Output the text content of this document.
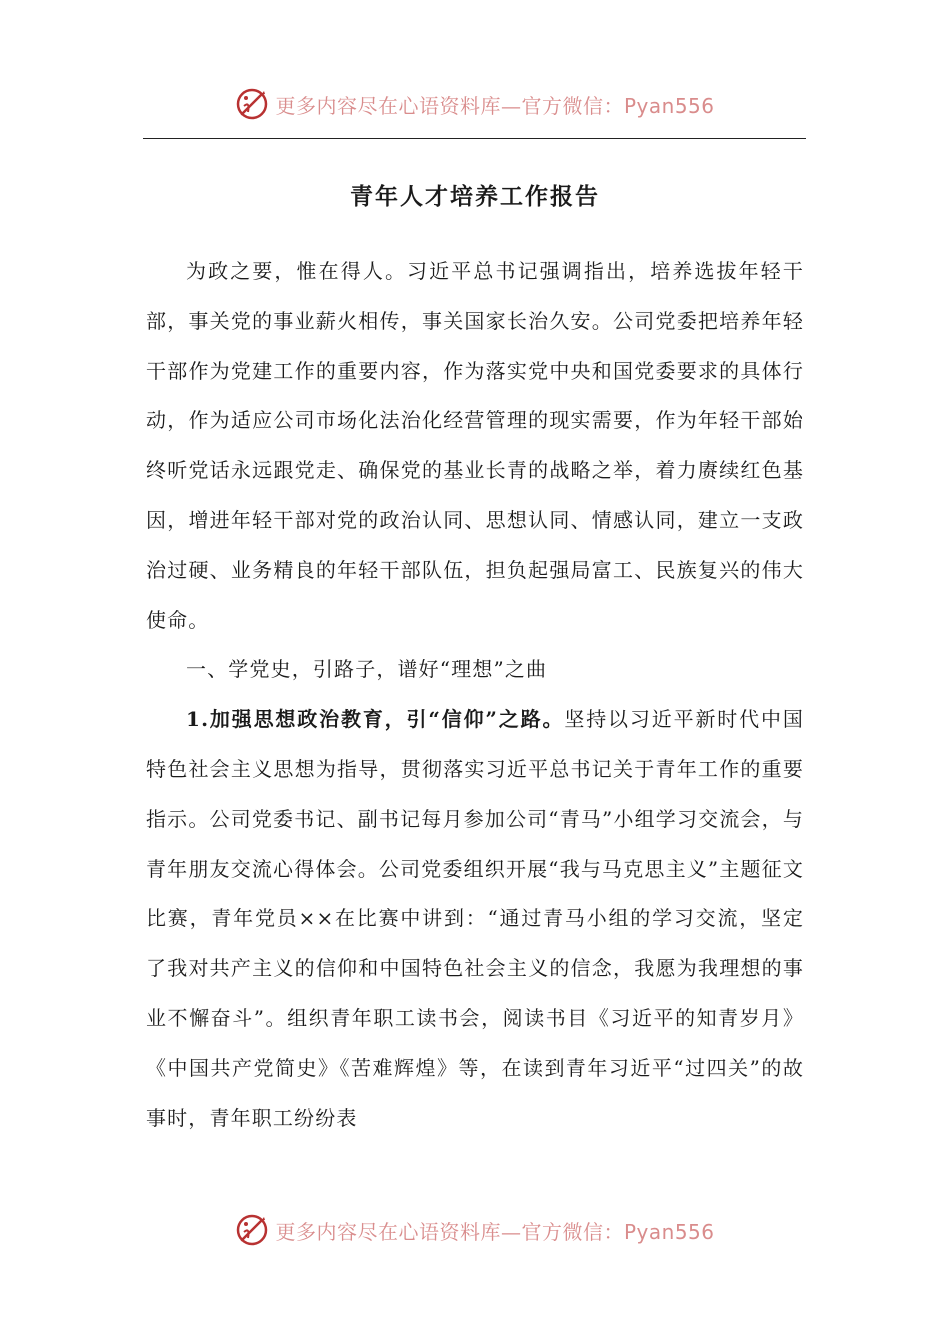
更多内容尽在心语资料库—官方微信：Pyan556
青年人才培养工作报告

为政之要，惟在得人。习近平总书记强调指出，培养选拔年轻干部，事关党的事业薪火相传，事关国家长治久安。公司党委把培养年轻干部作为党建工作的重要内容，作为落实党中央和国党委要求的具体行动，作为适应公司市场化法治化经营管理的现实需要，作为年轻干部始终听党话永远跟党走、确保党的基业长青的战略之举，着力赓续红色基因，增进年轻干部对党的政治认同、思想认同、情感认同，建立一支政治过硬、业务精良的年轻干部队伍，担负起强局富工、民族复兴的伟大使命。

一、学党史，引路子，谱好“理想”之曲

1.加强思想政治教育，引“信仰”之路。坚持以习近平新时代中国特色社会主义思想为指导，贯彻落实习近平总书记关于青年工作的重要指示。公司党委书记、副书记每月参加公司“青马”小组学习交流会，与青年朋友交流心得体会。公司党委组织开展“我与马克思主义”主题征文比赛，青年党员××在比赛中讲到：“通过青马小组的学习交流，坚定了我对共产主义的信仰和中国特色社会主义的信念，我愿为我理想的事业不懈奋斗”。组织青年职工读书会，阅读书目《习近平的知青岁月》《中国共产党简史》《苦难辉煌》等，在读到青年习近平“过四关”的故事时，青年职工纷纷表

更多内容尽在心语资料库—官方微信：Pyan556
